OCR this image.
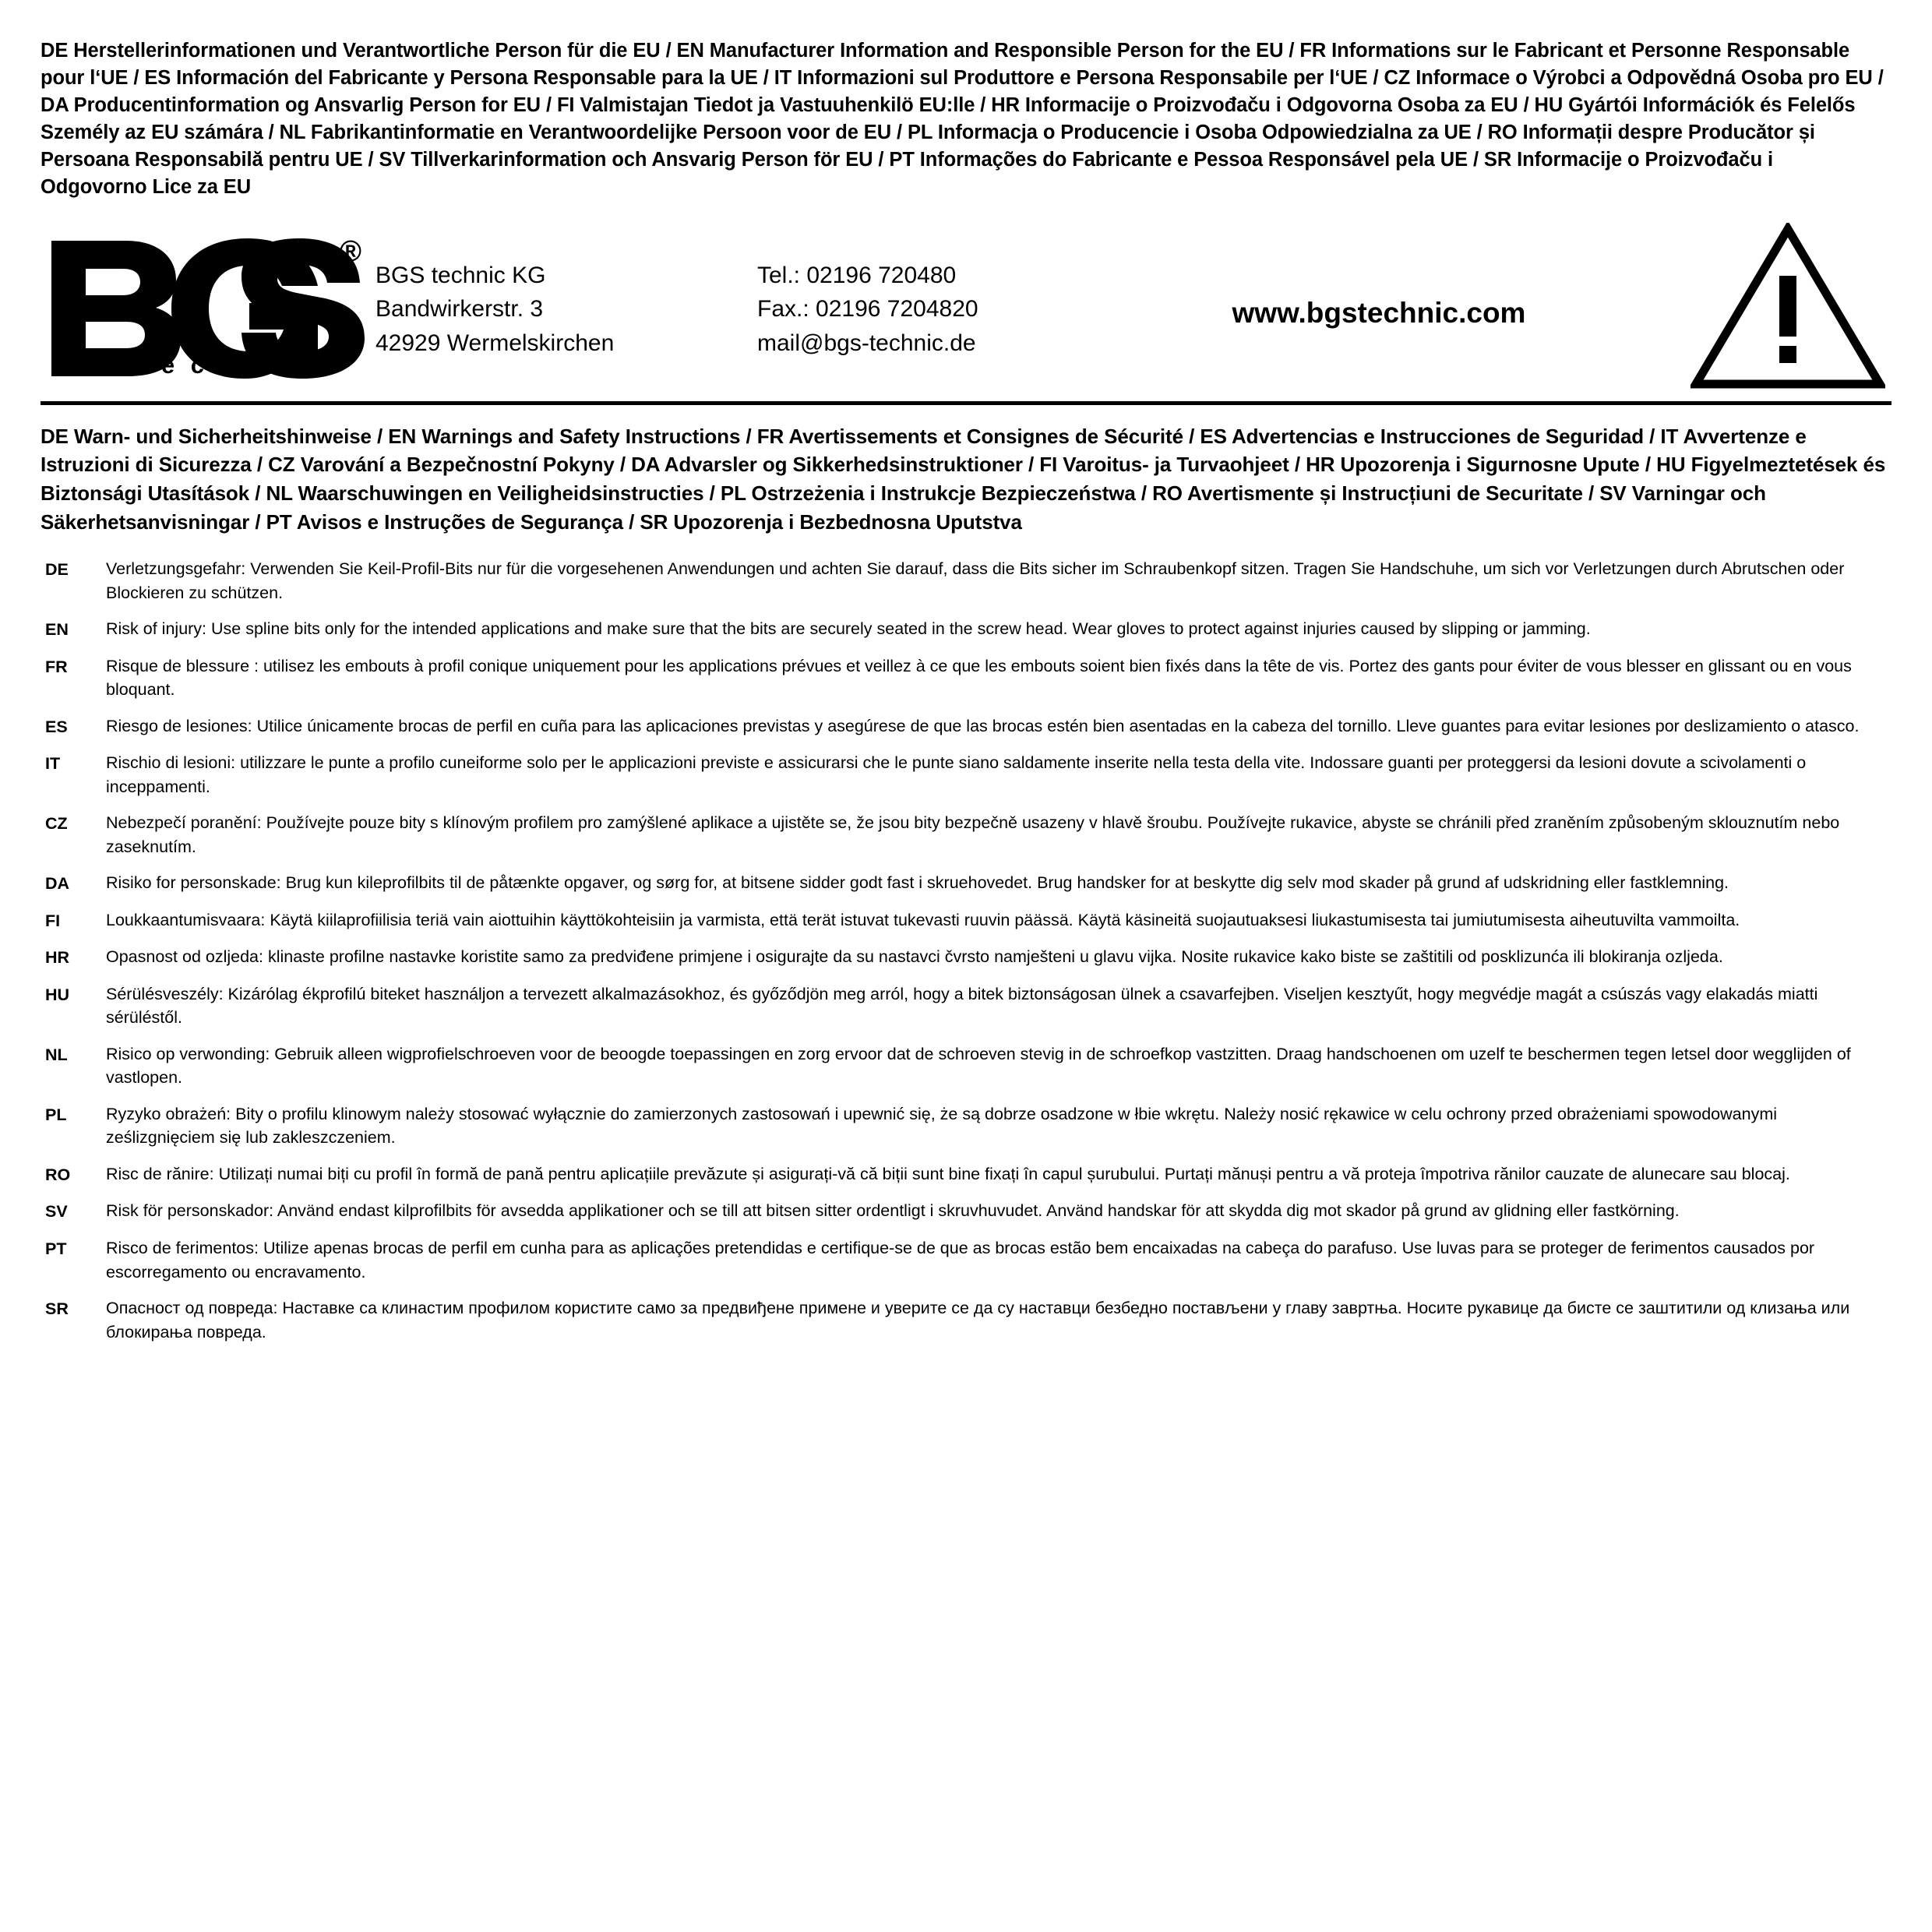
DE Herstellerinformationen und Verantwortliche Person für die EU / EN Manufacturer Information and Responsible Person for the EU / FR Informations sur le Fabricant et Personne Responsable pour l‘UE / ES Información del Fabricante y Persona Responsable para la UE / IT Informazioni sul Produttore e Persona Responsabile per l‘UE / CZ Informace o Výrobci a Odpovědná Osoba pro EU / DA Producentinformation og Ansvarlig Person for EU / FI Valmistajan Tiedot ja Vastuuhenkilö EU:lle / HR Informacije o Proizvođaču i Odgovorna Osoba za EU / HU Gyártói Információk és Felelős Személy az EU számára / NL Fabrikantinformatie en Verantwoordelijke Persoon voor de EU / PL Informacja o Producencie i Osoba Odpowiedzialna za UE / RO Informații despre Producător și Persoana Responsabilă pentru UE / SV Tillverkarinformation och Ansvarig Person för EU / PT Informações do Fabricante e Pessoa Responsável pela UE / SR Informacije o Proizvođaču i Odgovorno Lice za EU
®
t e c h n i c
BGS technic KG
Bandwirkerstr. 3
42929 Wermelskirchen
Tel.: 02196 720480
Fax.: 02196 7204820
mail@bgs-technic.de
www.bgstechnic.com
DE Warn- und Sicherheitshinweise / EN Warnings and Safety Instructions / FR Avertissements et Consignes de Sécurité / ES Advertencias e Instrucciones de Seguridad / IT Avvertenze e Istruzioni di Sicurezza / CZ Varování a Bezpečnostní Pokyny / DA Advarsler og Sikkerhedsinstruktioner / FI Varoitus- ja Turvaohjeet / HR Upozorenja i Sigurnosne Upute / HU Figyelmeztetések és Biztonsági Utasítások / NL Waarschuwingen en Veiligheidsinstructies / PL Ostrzeżenia i Instrukcje Bezpieczeństwa / RO Avertismente și Instrucțiuni de Securitate / SV Varningar och Säkerhetsanvisningar / PT Avisos e Instruções de Segurança / SR Upozorenja i Bezbednosna Uputstva
DE	Verletzungsgefahr: Verwenden Sie Keil-Profil-Bits nur für die vorgesehenen Anwendungen und achten Sie darauf, dass die Bits sicher im Schraubenkopf sitzen. Tragen Sie Handschuhe, um sich vor Verletzungen durch Abrutschen oder Blockieren zu schützen.
EN	Risk of injury: Use spline bits only for the intended applications and make sure that the bits are securely seated in the screw head. Wear gloves to protect against injuries caused by slipping or jamming.
FR	Risque de blessure : utilisez les embouts à profil conique uniquement pour les applications prévues et veillez à ce que les embouts soient bien fixés dans la tête de vis. Portez des gants pour éviter de vous blesser en glissant ou en vous bloquant.
ES	Riesgo de lesiones: Utilice únicamente brocas de perfil en cuña para las aplicaciones previstas y asegúrese de que las brocas estén bien asentadas en la cabeza del tornillo. Lleve guantes para evitar lesiones por deslizamiento o atasco.
IT	Rischio di lesioni: utilizzare le punte a profilo cuneiforme solo per le applicazioni previste e assicurarsi che le punte siano saldamente inserite nella testa della vite. Indossare guanti per proteggersi da lesioni dovute a scivolamenti o inceppamenti.
CZ	Nebezpečí poranění: Používejte pouze bity s klínovým profilem pro zamýšlené aplikace a ujistěte se, že jsou bity bezpečně usazeny v hlavě šroubu. Používejte rukavice, abyste se chránili před zraněním způsobeným sklouznutím nebo zaseknutím.
DA	Risiko for personskade: Brug kun kileprofilbits til de påtænkte opgaver, og sørg for, at bitsene sidder godt fast i skruehovedet. Brug handsker for at beskytte dig selv mod skader på grund af udskridning eller fastklemning.
FI	Loukkaantumisvaara: Käytä kiilaprofiilisia teriä vain aiottuihin käyttökohteisiin ja varmista, että terät istuvat tukevasti ruuvin päässä. Käytä käsineitä suojautuaksesi liukastumisesta tai jumiutumisesta aiheutuvilta vammoilta.
HR	Opasnost od ozljeda: klinaste profilne nastavke koristite samo za predviđene primjene i osigurajte da su nastavci čvrsto namješteni u glavu vijka. Nosite rukavice kako biste se zaštitili od posklizunća ili blokiranja ozljeda.
HU	Sérülésveszély: Kizárólag ékprofilú biteket használjon a tervezett alkalmazásokhoz, és győződjön meg arról, hogy a bitek biztonságosan ülnek a csavarfejben. Viseljen kesztyűt, hogy megvédje magát a csúszás vagy elakadás miatti sérüléstől.
NL	Risico op verwonding: Gebruik alleen wigprofielschroeven voor de beoogde toepassingen en zorg ervoor dat de schroeven stevig in de schroefkop vastzitten. Draag handschoenen om uzelf te beschermen tegen letsel door wegglijden of vastlopen.
PL	Ryzyko obrażeń: Bity o profilu klinowym należy stosować wyłącznie do zamierzonych zastosowań i upewnić się, że są dobrze osadzone w łbie wkrętu. Należy nosić rękawice w celu ochrony przed obrażeniami spowodowanymi ześlizgnięciem się lub zakleszczeniem.
RO	Risc de rănire: Utilizați numai biți cu profil în formă de pană pentru aplicațiile prevăzute și asigurați-vă că biții sunt bine fixați în capul șurubului. Purtați mănuși pentru a vă proteja împotriva rănilor cauzate de alunecare sau blocaj.
SV	Risk för personskador: Använd endast kilprofilbits för avsedda applikationer och se till att bitsen sitter ordentligt i skruvhuvudet. Använd handskar för att skydda dig mot skador på grund av glidning eller fastkörning.
PT	Risco de ferimentos: Utilize apenas brocas de perfil em cunha para as aplicações pretendidas e certifique-se de que as brocas estão bem encaixadas na cabeça do parafuso. Use luvas para se proteger de ferimentos causados por escorregamento ou encravamento.
SR	Опасност од повреда: Наставке са клинастим профилом користите само за предвиђене примене и уверите се да су наставци безбедно постављени у главу завртња. Носите рукавице да бисте се заштитили од клизања или блокирања повреда.
